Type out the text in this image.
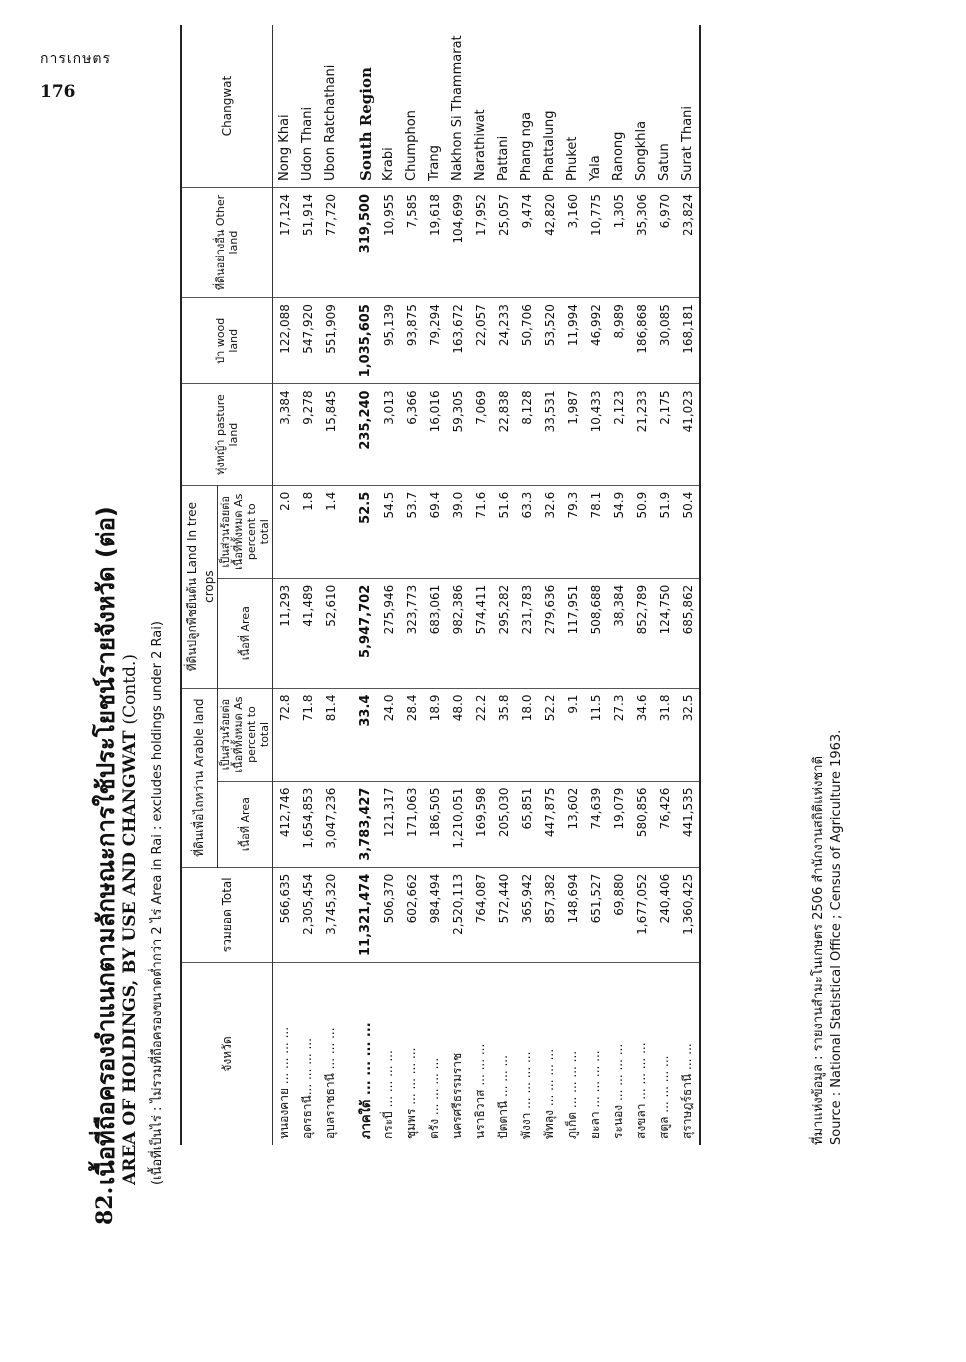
การเกษตร
176
82.
เนื้อที่ถือครองจำแนกตามลักษณะการใช้ประโยชน์รายจังหวัด (ต่อ) AREA OF HOLDINGS, BY USE AND CHANGWAT (Contd.) (เนื้อที่เป็นไร่ : ไม่รวมที่ถือครองขนาดต่ำกว่า 2 ไร่ Area in Rai : excludes holdings under 2 Rai)	จังหวัด	รวมยอด Total	ที่ดินเพื่อไถหว่าน Arable land		ที่ดินปลูกพืชยืนต้น Land In tree crops		ทุ่งหญ้า pasture land	ป่า wood land	ที่ดินอย่างอื่น Other land	Changwat
		เนื้อที่ Area	เป็นส่วนร้อยต่อเนื้อที่ทั้งหมด As percent to total	เนื้อที่ Area	เป็นส่วนร้อยต่อเนื้อที่ทั้งหมด As percent to total				
หนองคาย ... ... ... ...	566,635	412,746	72.8	11,293	2.0	3,384	122,088	17,124	Nong Khai
อุดรธานี... ... ... ...	2,305,454	1,654,853	71.8	41,489	1.8	9,278	547,920	51,914	Udon Thani
อุบลราชธานี ... ... ...	3,745,320	3,047,236	81.4	52,610	1.4	15,845	551,909	77,720	Ubon Ratchathani

ภาคใต้ ... ... ... ...	11,321,474	3,783,427	33.4	5,947,702	52.5	235,240	1,035,605	319,500	South Region
กระบี่ ... ... ... ...	506,370	121,317	24.0	275,946	54.5	3,013	95,139	10,955	Krabi
ชุมพร ... ... ... ...	602,662	171,063	28.4	323,773	53.7	6,366	93,875	7,585	Chumphon
ตรัง ... ... ... ...	984,494	186,505	18.9	683,061	69.4	16,016	79,294	19,618	Trang
นครศรีธรรมราช	2,520,113	1,210,051	48.0	982,386	39.0	59,305	163,672	104,699	Nakhon Si Thammarat
นราธิวาส ... ... ...	764,087	169,598	22.2	574,411	71.6	7,069	22,057	17,952	Narathiwat
ปัตตานี ... ... ...	572,440	205,030	35.8	295,282	51.6	22,838	24,233	25,057	Pattani
พังงา ... ... ... ...	365,942	65,851	18.0	231,783	63.3	8,128	50,706	9,474	Phang nga
พัทลุง ... ... ... ...	857,382	447,875	52.2	279,636	32.6	33,531	53,520	42,820	Phattalung
ภูเก็ต ... ... ... ...	148,694	13,602	9.1	117,951	79.3	1,987	11,994	3,160	Phuket
ยะลา ... ... ... ...	651,527	74,639	11.5	508,688	78.1	10,433	46,992	10,775	Yala
ระนอง ... ... ... ...	69,880	19,079	27.3	38,384	54.9	2,123	8,989	1,305	Ranong
สงขลา ... ... ... ...	1,677,052	580,856	34.6	852,789	50.9	21,233	186,868	35,306	Songkhla
สตูล ... ... ... ...	240,406	76,426	31.8	124,750	51.9	2,175	30,085	6,970	Satun
สุราษฎร์ธานี ... ...	1,360,425	441,535	32.5	685,862	50.4	41,023	168,181	23,824	Surat Thani
ที่มาแห่งข้อมูล : รายงานสำมะโนเกษตร 2506 สำนักงานสถิติแห่งชาติ Source : National Statistical Office ; Census of Agriculture 1963.
